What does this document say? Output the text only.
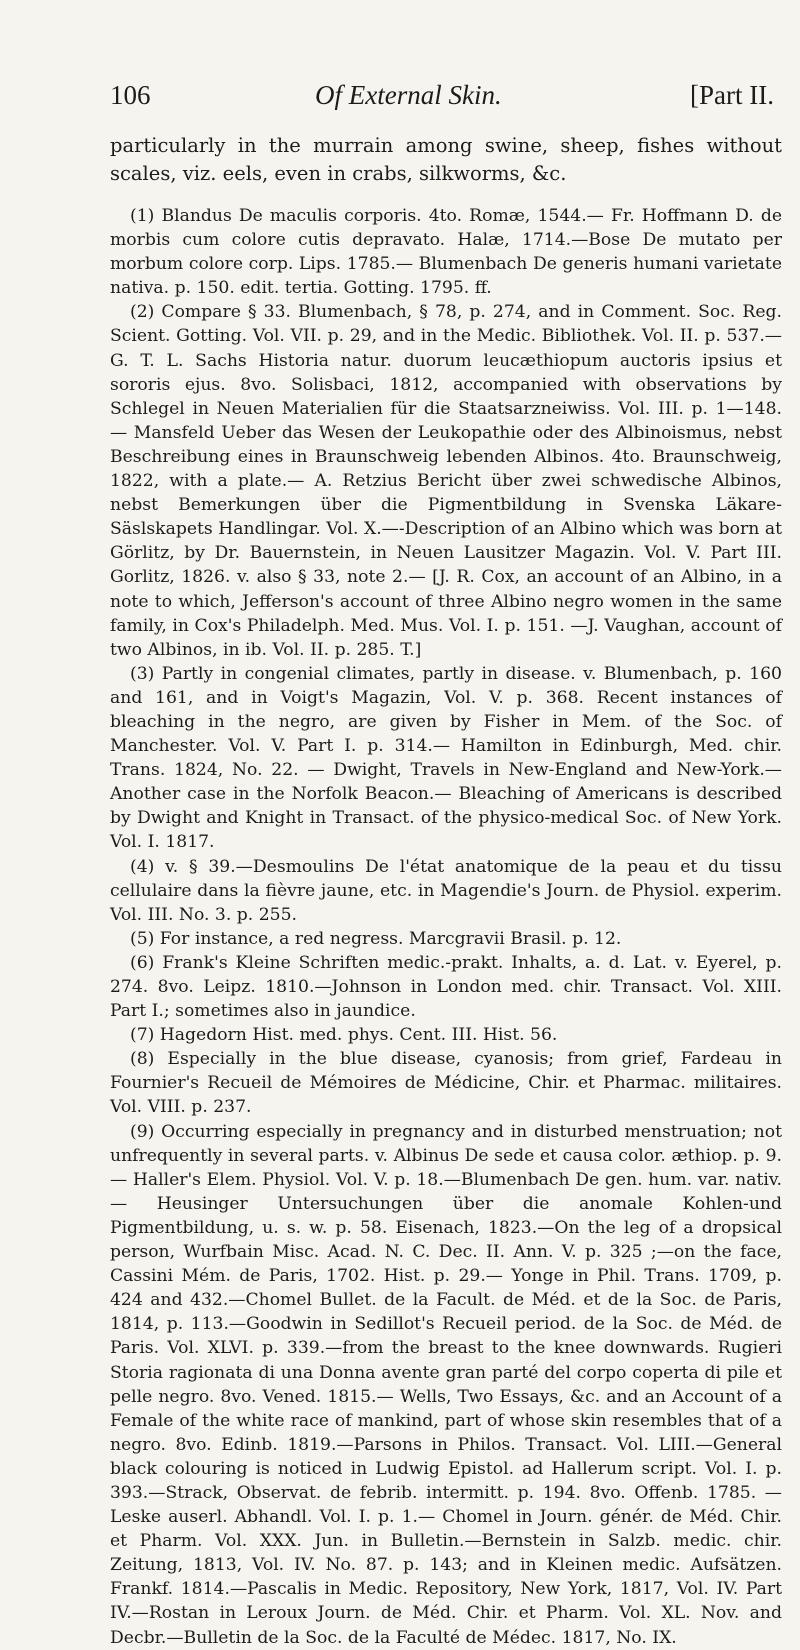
106	Of External Skin.	[Part II.

particularly in the murrain among swine, sheep, fishes without scales, viz. eels, even in crabs, silkworms, &c.

(1) Blandus De maculis corporis. 4to. Romæ, 1544.— Fr. Hoffmann D. de morbis cum colore cutis depravato. Halæ, 1714.—Bose De mutato per morbum colore corp. Lips. 1785.— Blumenbach De generis humani varietate nativa. p. 150. edit. tertia. Gotting. 1795. ff.

(2) Compare § 33. Blumenbach, § 78, p. 274, and in Comment. Soc. Reg. Scient. Gotting. Vol. VII. p. 29, and in the Medic. Bibliothek. Vol. II. p. 537.—G. T. L. Sachs Historia natur. duorum leucæthiopum auctoris ipsius et sororis ejus. 8vo. Solisbaci, 1812, accompanied with observations by Schlegel in Neuen Materialien für die Staatsarzneiwiss. Vol. III. p. 1—148. — Mansfeld Ueber das Wesen der Leukopathie oder des Albinoismus, nebst Beschreibung eines in Braunschweig lebenden Albinos. 4to. Braunschweig, 1822, with a plate.— A. Retzius Bericht über zwei schwedische Albinos, nebst Bemerkungen über die Pigmentbildung in Svenska Läkare-Säslskapets Handlingar. Vol. X.—-Description of an Albino which was born at Görlitz, by Dr. Bauernstein, in Neuen Lausitzer Magazin. Vol. V. Part III. Gorlitz, 1826. v. also § 33, note 2.— [J. R. Cox, an account of an Albino, in a note to which, Jefferson's account of three Albino negro women in the same family, in Cox's Philadelph. Med. Mus. Vol. I. p. 151. —J. Vaughan, account of two Albinos, in ib. Vol. II. p. 285. T.]

(3) Partly in congenial climates, partly in disease. v. Blumenbach, p. 160 and 161, and in Voigt's Magazin, Vol. V. p. 368. Recent instances of bleaching in the negro, are given by Fisher in Mem. of the Soc. of Manchester. Vol. V. Part I. p. 314.— Hamilton in Edinburgh, Med. chir. Trans. 1824, No. 22. — Dwight, Travels in New-England and New-York.—Another case in the Norfolk Beacon.— Bleaching of Americans is described by Dwight and Knight in Transact. of the physico-medical Soc. of New York. Vol. I. 1817.

(4) v. § 39.—Desmoulins De l'état anatomique de la peau et du tissu cellulaire dans la fièvre jaune, etc. in Magendie's Journ. de Physiol. experim. Vol. III. No. 3. p. 255.

(5) For instance, a red negress. Marcgravii Brasil. p. 12.

(6) Frank's Kleine Schriften medic.-prakt. Inhalts, a. d. Lat. v. Eyerel, p. 274. 8vo. Leipz. 1810.—Johnson in London med. chir. Transact. Vol. XIII. Part I.; sometimes also in jaundice.

(7) Hagedorn Hist. med. phys. Cent. III. Hist. 56.

(8) Especially in the blue disease, cyanosis; from grief, Fardeau in Fournier's Recueil de Mémoires de Médicine, Chir. et Pharmac. militaires. Vol. VIII. p. 237.

(9) Occurring especially in pregnancy and in disturbed menstruation; not unfrequently in several parts. v. Albinus De sede et causa color. æthiop. p. 9.— Haller's Elem. Physiol. Vol. V. p. 18.—Blumenbach De gen. hum. var. nativ.— Heusinger Untersuchungen über die anomale Kohlen-und Pigmentbildung, u. s. w. p. 58. Eisenach, 1823.—On the leg of a dropsical person, Wurfbain Misc. Acad. N. C. Dec. II. Ann. V. p. 325 ;—on the face, Cassini Mém. de Paris, 1702. Hist. p. 29.— Yonge in Phil. Trans. 1709, p. 424 and 432.—Chomel Bullet. de la Facult. de Méd. et de la Soc. de Paris, 1814, p. 113.—Goodwin in Sedillot's Recueil period. de la Soc. de Méd. de Paris. Vol. XLVI. p. 339.—from the breast to the knee downwards. Rugieri Storia ragionata di una Donna avente gran parté del corpo coperta di pile et pelle negro. 8vo. Vened. 1815.— Wells, Two Essays, &c. and an Account of a Female of the white race of mankind, part of whose skin resembles that of a negro. 8vo. Edinb. 1819.—Parsons in Philos. Transact. Vol. LIII.—General black colouring is noticed in Ludwig Epistol. ad Hallerum script. Vol. I. p. 393.—Strack, Observat. de febrib. intermitt. p. 194. 8vo. Offenb. 1785. — Leske auserl. Abhandl. Vol. I. p. 1.— Chomel in Journ. génér. de Méd. Chir. et Pharm. Vol. XXX. Jun. in Bulletin.—Bernstein in Salzb. medic. chir. Zeitung, 1813, Vol. IV. No. 87. p. 143; and in Kleinen medic. Aufsätzen. Frankf. 1814.—Pascalis in Medic. Repository, New York, 1817, Vol. IV. Part IV.—Rostan in Leroux Journ. de Méd. Chir. et Pharm. Vol. XL. Nov. and Decbr.—Bulletin de la Soc. de la Faculté de Médec. 1817, No. IX.
